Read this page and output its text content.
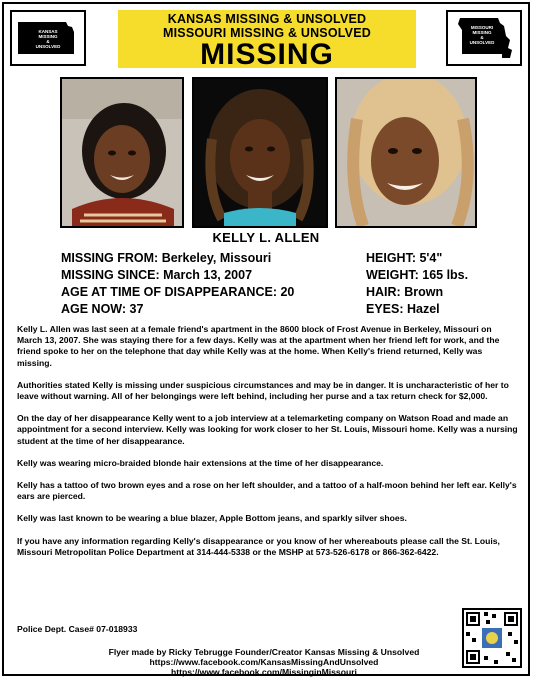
KANSAS
MISSING
&
UNSOLVED
KANSAS MISSING & UNSOLVED
MISSOURI MISSING & UNSOLVED
MISSING
MISSOURI
MISSING
&
UNSOLVED
KELLY L. ALLEN
MISSING FROM: Berkeley, Missouri
MISSING SINCE: March 13, 2007
AGE AT TIME OF DISAPPEARANCE: 20
AGE NOW: 37
HEIGHT: 5'4"
WEIGHT: 165 lbs.
HAIR: Brown
EYES: Hazel

Kelly L. Allen was last seen at a female friend's apartment in the 8600 block of Frost Avenue in Berkeley, Missouri on March 13, 2007. She was staying there for a few days. Kelly was at the apartment when her friend left for work, and the friend spoke to her on the telephone that day while Kelly was at the home. When Kelly's friend returned, Kelly was missing.

Authorities stated Kelly is missing under suspicious circumstances and may be in danger. It is uncharacteristic of her to leave without warning. All of her belongings were left behind, including her purse and a tax return check for $2,000.

On the day of her disappearance Kelly went to a job interview at a telemarketing company on Watson Road and made an appointment for a second interview. Kelly was looking for work closer to her St. Louis, Missouri home. Kelly was a nursing student at the time of her disappearance.

Kelly was wearing micro-braided blonde hair extensions at the time of her disappearance.

Kelly has a tattoo of two brown eyes and a rose on her left shoulder, and a tattoo of a half-moon behind her left ear. Kelly's ears are pierced.

Kelly was last known to be wearing a blue blazer, Apple Bottom jeans, and sparkly silver shoes.

If you have any information regarding Kelly's disappearance or you know of her whereabouts please call the St. Louis, Missouri Metropolitan Police Department at 314-444-5338 or the MSHP at 573-526-6178 or 866-362-6422.

Police Dept. Case# 07-018933
Flyer made by Ricky Tebrugge Founder/Creator Kansas Missing & Unsolved
https://www.facebook.com/KansasMissingAndUnsolved
https://www.facebook.com/MissinginMissouri
